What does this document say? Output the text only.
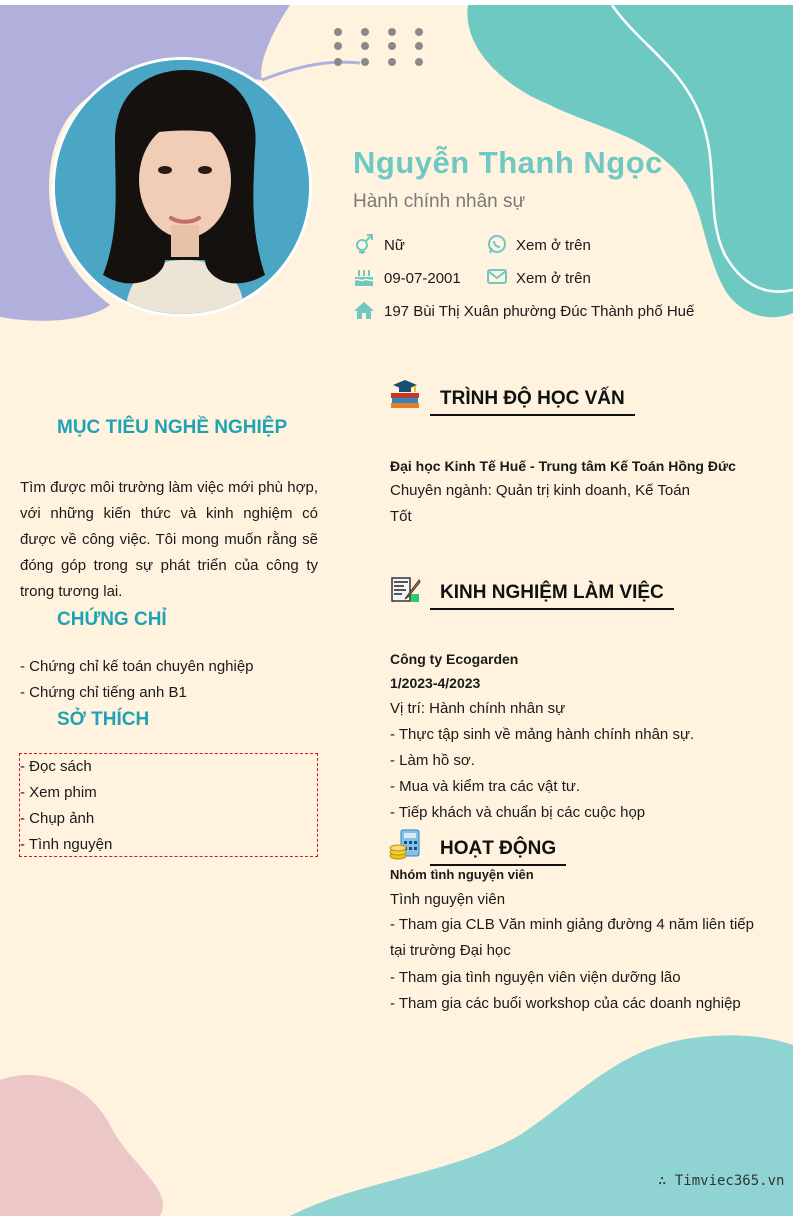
Nguyễn Thanh Ngọc
Hành chính nhân sự
Nữ	Xem ở trên
09-07-2001	Xem ở trên
197 Bùi Thị Xuân phường Đúc Thành phố Huế
MỤC TIÊU NGHỀ NGHIỆP
Tìm được môi trường làm việc mới phù hợp, với những kiến thức và kinh nghiệm có được về công việc. Tôi mong muốn rằng sẽ đóng góp trong sự phát triển của công ty trong tương lai.
CHỨNG CHỈ
- Chứng chỉ kế toán chuyên nghiệp
- Chứng chỉ tiếng anh B1
SỞ THÍCH
- Đọc sách
- Xem phim
- Chụp ảnh
- Tình nguyện
TRÌNH ĐỘ HỌC VẤN
Đại học Kinh Tế Huế - Trung tâm Kế Toán Hồng Đức
Chuyên ngành: Quản trị kinh doanh, Kế Toán
Tốt
KINH NGHIỆM LÀM VIỆC
Công ty Ecogarden
1/2023-4/2023
Vị trí: Hành chính nhân sự
- Thực tập sinh về mảng hành chính nhân sự.
- Làm hồ sơ.
- Mua và kiểm tra các vật tư.
- Tiếp khách và chuẩn bị các cuộc họp
HOẠT ĐỘNG
Nhóm tình nguyện viên
Tình nguyện viên
- Tham gia CLB Văn minh giảng đường 4 năm liên tiếp tại trường Đại học
- Tham gia tình nguyện viên viện dưỡng lão
- Tham gia các buổi workshop của các doanh nghiệp
∴ Timviec365.vn
